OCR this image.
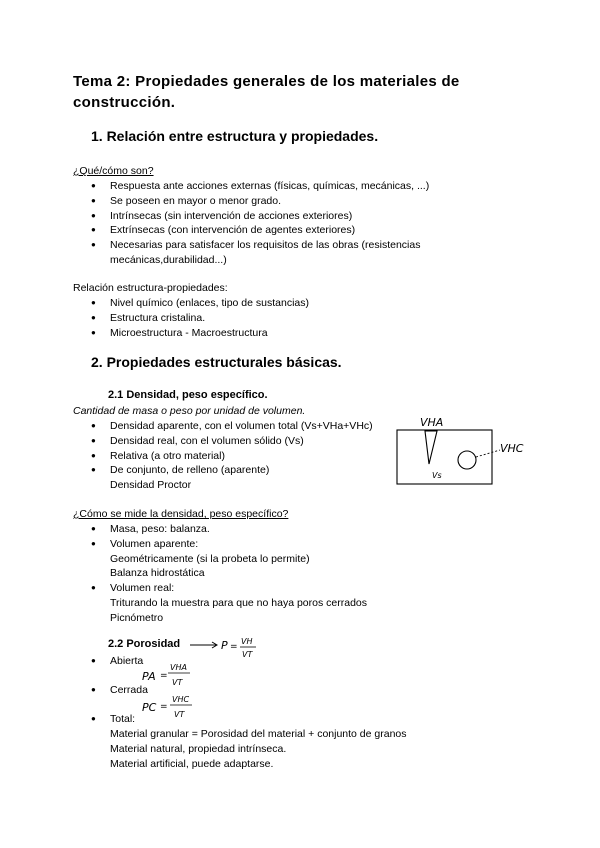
Tema 2: Propiedades generales de los materiales de construcción.
1. Relación entre estructura y propiedades.
¿Qué/cómo son?
● Respuesta ante acciones externas (físicas, químicas, mecánicas, ...)
● Se poseen en mayor o menor grado.
● Intrínsecas (sin intervención de acciones exteriores)
● Extrínsecas (con intervención de agentes exteriores)
● Necesarias para satisfacer los requisitos de las obras (resistencias mecánicas,durabilidad...)
Relación estructura-propiedades:
● Nivel químico (enlaces, tipo de sustancias)
● Estructura cristalina.
● Microestructura - Macroestructura
2. Propiedades estructurales básicas.
2.1 Densidad, peso específico.
Cantidad de masa o peso por unidad de volumen.
● Densidad aparente, con el volumen total (Vs+VHa+VHc)
● Densidad real, con el volumen sólido (Vs)
● Relativa (a otro material)
● De conjunto, de relleno (aparente)
Densidad Proctor
VHA
Vs
VHC
¿Cómo se mide la densidad, peso específico?
● Masa, peso: balanza.
● Volumen aparente:
Geométricamente (si la probeta lo permite)
Balanza hidrostática
● Volumen real:
Triturando la muestra para que no haya poros cerrados
Picnómetro
2.2 Porosidad	P =
VH
VT
● Abierta
PA =
VHA
VT
● Cerrada
PC =
VHC
VT
● Total:
Material granular = Porosidad del material + conjunto de granos
Material natural, propiedad intrínseca.
Material artificial, puede adaptarse.
